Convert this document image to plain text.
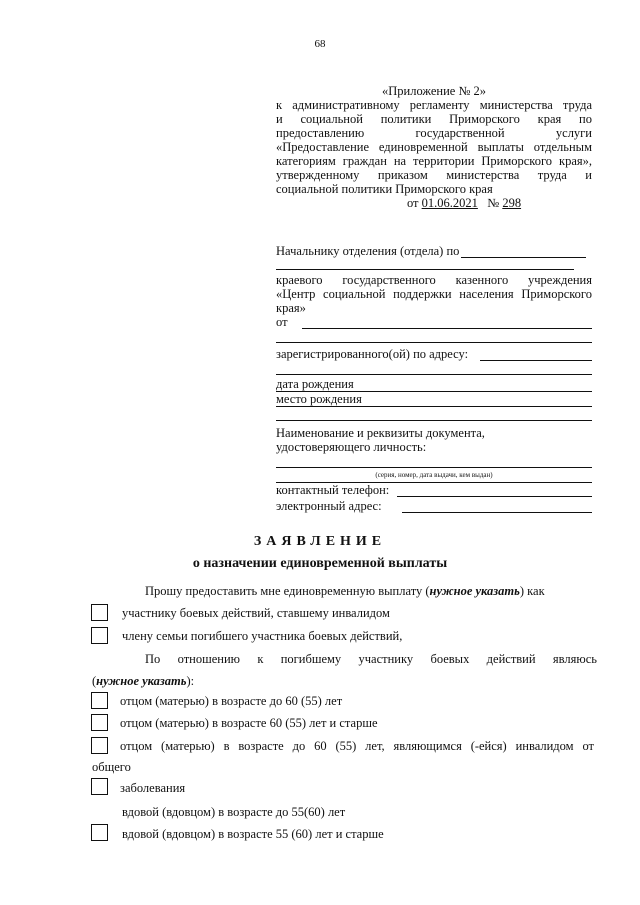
68
«Приложение № 2»
к административному регламенту министерства труда
и социальной политики Приморского края по
предоставлению государственной услуги
«Предоставление единовременной выплаты отдельным
категориям граждан на территории Приморского края»,
утвержденному приказом министерства труда и
социальной политики Приморского края
от 01.06.2021 № 298
Начальнику отделения (отдела) по
краевого государственного казенного учреждения
«Центр социальной поддержки населения Приморского
края»
от
зарегистрированного(ой) по адресу:
дата рождения
место рождения
Наименование и реквизиты документа,
удостоверяющего личность:
(серия, номер, дата выдачи, кем выдан)
контактный телефон:
электронный адрес:
ЗАЯВЛЕНИЕ
о назначении единовременной выплаты
Прошу предоставить мне единовременную выплату (нужное указать) как
участнику боевых действий, ставшему инвалидом
члену семьи погибшего участника боевых действий,
По отношению к погибшему участнику боевых действий являюсь
(нужное указать):
отцом (матерью) в возрасте до 60 (55) лет
отцом (матерью) в возрасте 60 (55) лет и старше
отцом (матерью) в возрасте до 60 (55) лет, являющимся (-ейся) инвалидом от
общего
заболевания
вдовой (вдовцом) в возрасте до 55(60) лет
вдовой (вдовцом) в возрасте 55 (60) лет и старше
